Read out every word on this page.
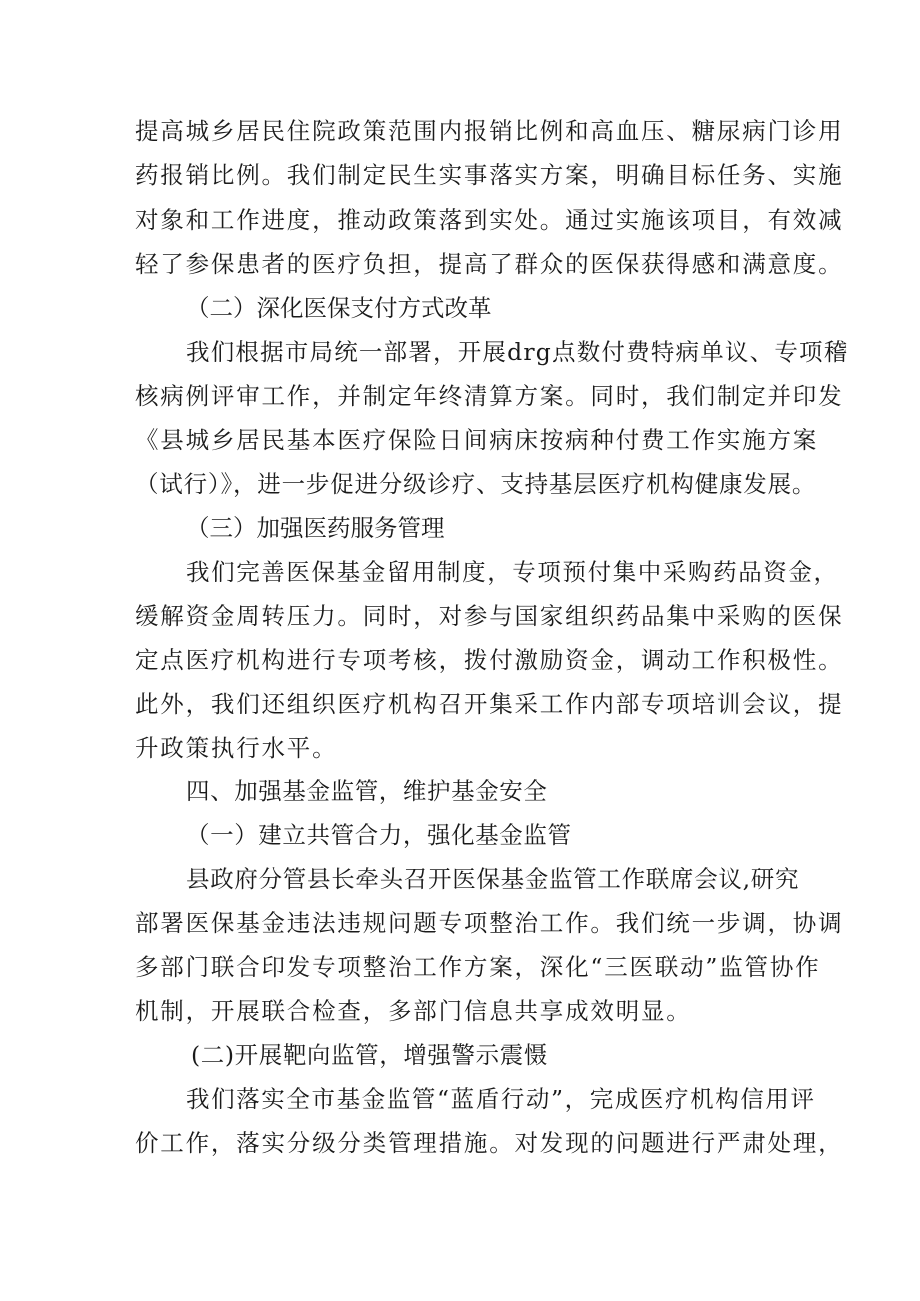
提高城乡居民住院政策范围内报销比例和高血压、糖尿病门诊用

药报销比例。我们制定民生实事落实方案，明确目标任务、实施

对象和工作进度，推动政策落到实处。通过实施该项目，有效减

轻了参保患者的医疗负担，提高了群众的医保获得感和满意度。

（二）深化医保支付方式改革

我们根据市局统一部署，开展drg点数付费特病单议、专项稽

核病例评审工作，并制定年终清算方案。同时，我们制定并印发

《县城乡居民基本医疗保险日间病床按病种付费工作实施方案

（试行）》，进一步促进分级诊疗、支持基层医疗机构健康发展。

（三）加强医药服务管理

我们完善医保基金留用制度，专项预付集中采购药品资金，

缓解资金周转压力。同时，对参与国家组织药品集中采购的医保

定点医疗机构进行专项考核，拨付激励资金，调动工作积极性。

此外，我们还组织医疗机构召开集采工作内部专项培训会议，提

升政策执行水平。

四、加强基金监管，维护基金安全

（一）建立共管合力，强化基金监管

县政府分管县长牵头召开医保基金监管工作联席会议,研究

部署医保基金违法违规问题专项整治工作。我们统一步调，协调

多部门联合印发专项整治工作方案，深化“三医联动”监管协作

机制，开展联合检查，多部门信息共享成效明显。

(二)开展靶向监管，增强警示震慑

我们落实全市基金监管“蓝盾行动”，完成医疗机构信用评

价工作，落实分级分类管理措施。对发现的问题进行严肃处理，
